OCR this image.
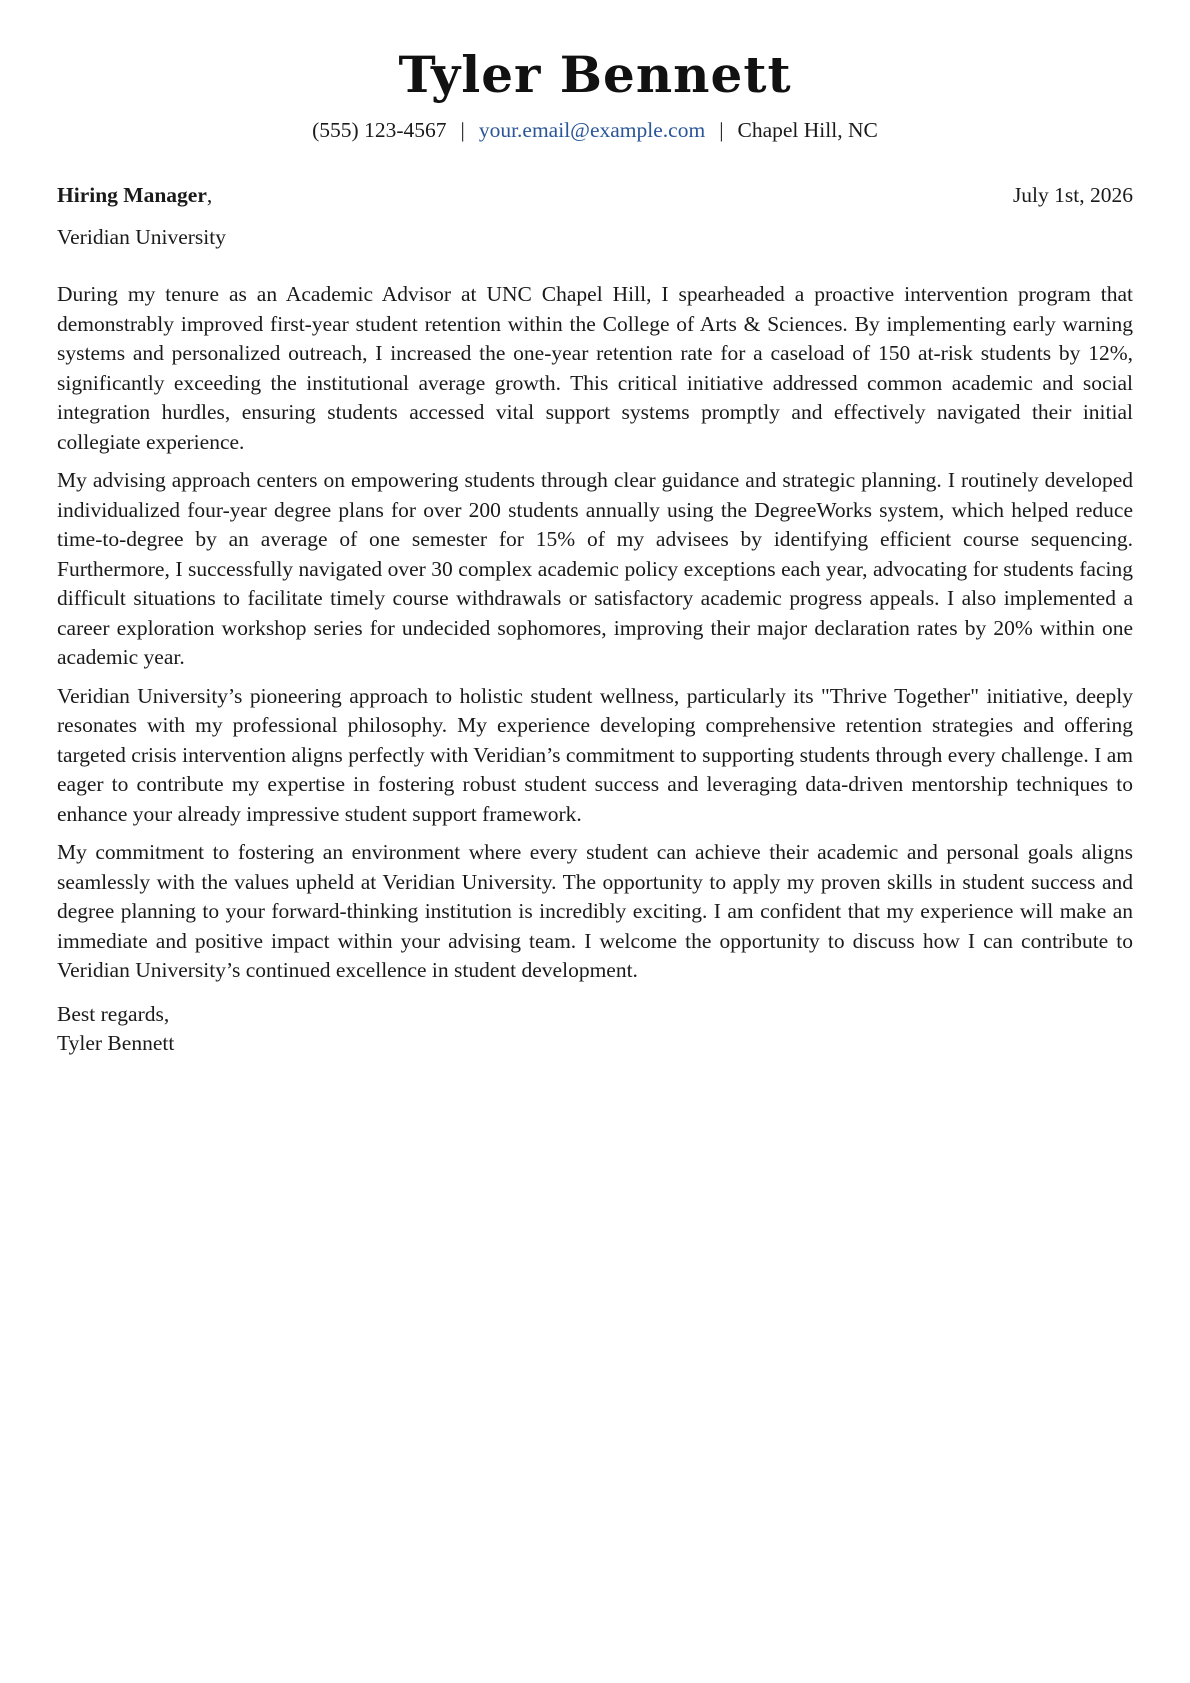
Tyler Bennett
(555) 123-4567 | your.email@example.com | Chapel Hill, NC
Hiring Manager,	July 1st, 2026
Veridian University

During my tenure as an Academic Advisor at UNC Chapel Hill, I spearheaded a proactive intervention program that demonstrably improved first-year student retention within the College of Arts & Sciences. By implementing early warning systems and personalized outreach, I increased the one-year retention rate for a caseload of 150 at-risk students by 12%, significantly exceeding the institutional average growth. This critical initiative addressed common academic and social integration hurdles, ensuring students accessed vital support systems promptly and effectively navigated their initial collegiate experience.

My advising approach centers on empowering students through clear guidance and strategic planning. I routinely developed individualized four-year degree plans for over 200 students annually using the DegreeWorks system, which helped reduce time-to-degree by an average of one semester for 15% of my advisees by identifying efficient course sequencing. Furthermore, I successfully navigated over 30 complex academic policy exceptions each year, advocating for students facing difficult situations to facilitate timely course withdrawals or satisfactory academic progress appeals. I also implemented a career exploration workshop series for undecided sophomores, improving their major declaration rates by 20% within one academic year.

Veridian University’s pioneering approach to holistic student wellness, particularly its "Thrive Together" initiative, deeply resonates with my professional philosophy. My experience developing comprehensive retention strategies and offering targeted crisis intervention aligns perfectly with Veridian’s commitment to supporting students through every challenge. I am eager to contribute my expertise in fostering robust student success and leveraging data-driven mentorship techniques to enhance your already impressive student support framework.

My commitment to fostering an environment where every student can achieve their academic and personal goals aligns seamlessly with the values upheld at Veridian University. The opportunity to apply my proven skills in student success and degree planning to your forward-thinking institution is incredibly exciting. I am confident that my experience will make an immediate and positive impact within your advising team. I welcome the opportunity to discuss how I can contribute to Veridian University’s continued excellence in student development.

Best regards,
Tyler Bennett
